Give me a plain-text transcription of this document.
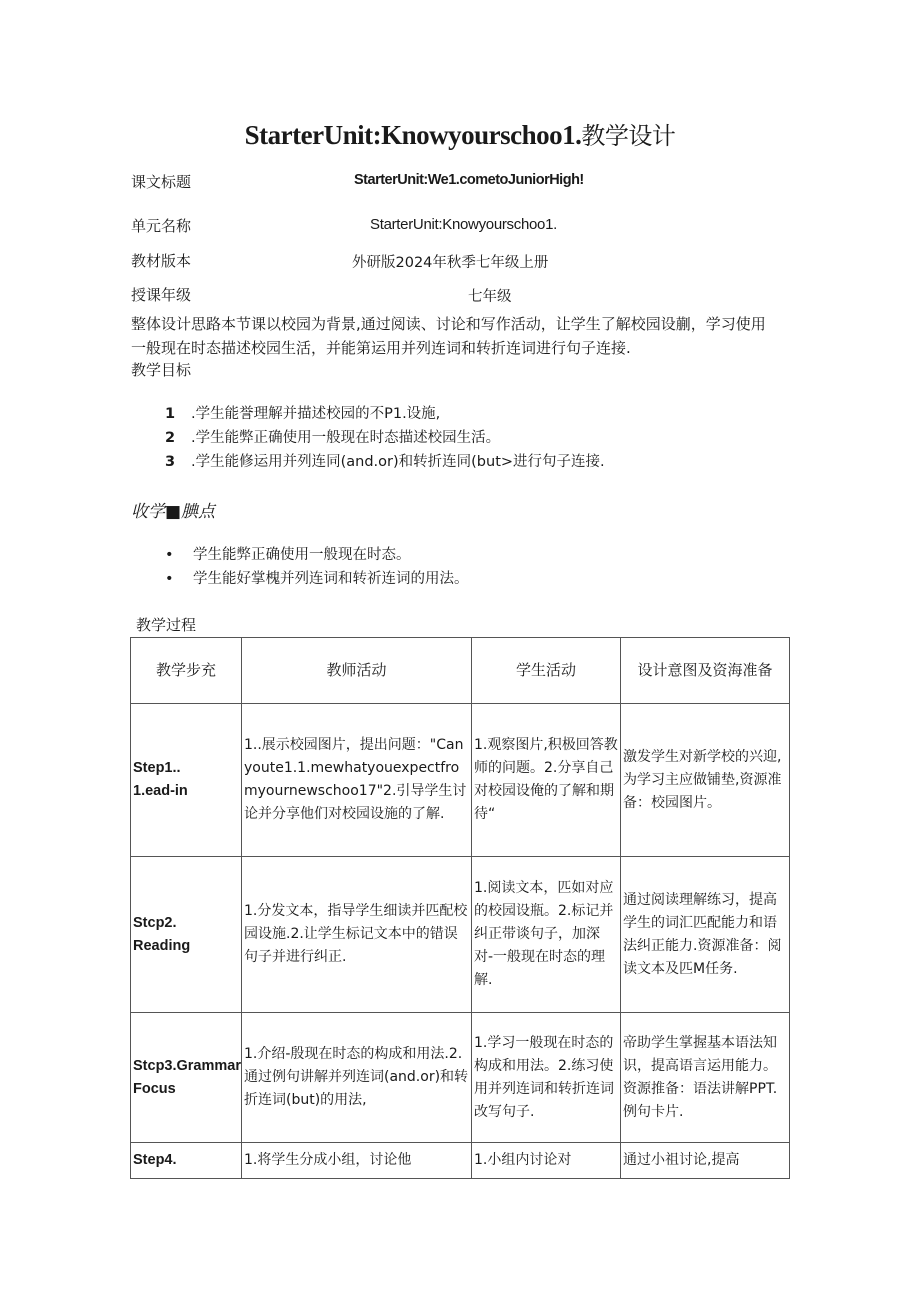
StarterUnit:Knowyourschoo1.教学设计
课文标题	StarterUnit:We1.cometoJuniorHigh!
单元名称	StarterUnit:Knowyourschoo1.
教材版本	外研版2024年秋季七年级上册
授课年级	七年级
整体设计思路本节课以校园为背景,通过阅读、讨论和写作活动，让学生了解校园设蒯，学习使用
一般现在时态描述校园生活，并能第运用并列连词和转折连词进行句子连接.
教学目标
1 .学生能誉理解并描述校园的不P1.设施,
2 .学生能弊正确使用一般现在时态描述校园生活。
3 .学生能修运用并列连同(and.or)和转折连同(but>进行句子连接.
收学■腆点
• 学生能弊正确使用一般现在时态。
• 学生能好掌槐并列连词和转祈连词的用法。
教学过程
教学步充	教师活动	学生活动	设计意图及资海准备
Step1..
1.ead-in	1..展示校园图片，提出问题："Canyoute1.1.mewhatyouexpectfromyournewschoo17"2.引导学生讨论并分享他们对校园设施的了解.	1.观察图片,积极回答教师的问题。2.分享自己对校园设俺的了解和期待“	激发学生对新学校的兴迎,为学习主应做铺垫,资源准备：校园图片。
Stcp2.
Reading	1.分发文本，指导学生细读并匹配校园设施.2.让学生标记文本中的错误句子并进行纠正.	1.阅读文本，匹如对应的校园设瓶。2.标记并纠正带谈句子，加深对-一般现在时态的理解.	通过阅读理解练习，提高学生的词汇匹配能力和语法纠正能力.资源准备：阅读文本及匹M任务.
Stcp3.Grammar
Focus	1.介绍-殷现在时态的构成和用法.2.通过例句讲解并列连词(and.or)和转折连词(but)的用法,	1.学习一般现在时态的构成和用法。2.练习使用并列连词和转折连词改写句子.	帝助学生掌握基本语法知识，提高语言运用能力。资源推备：语法讲解PPT.
例句卡片.
Step4.	1.将学生分成小组，讨论他	1.小组内讨论对	通过小祖讨论,提高
